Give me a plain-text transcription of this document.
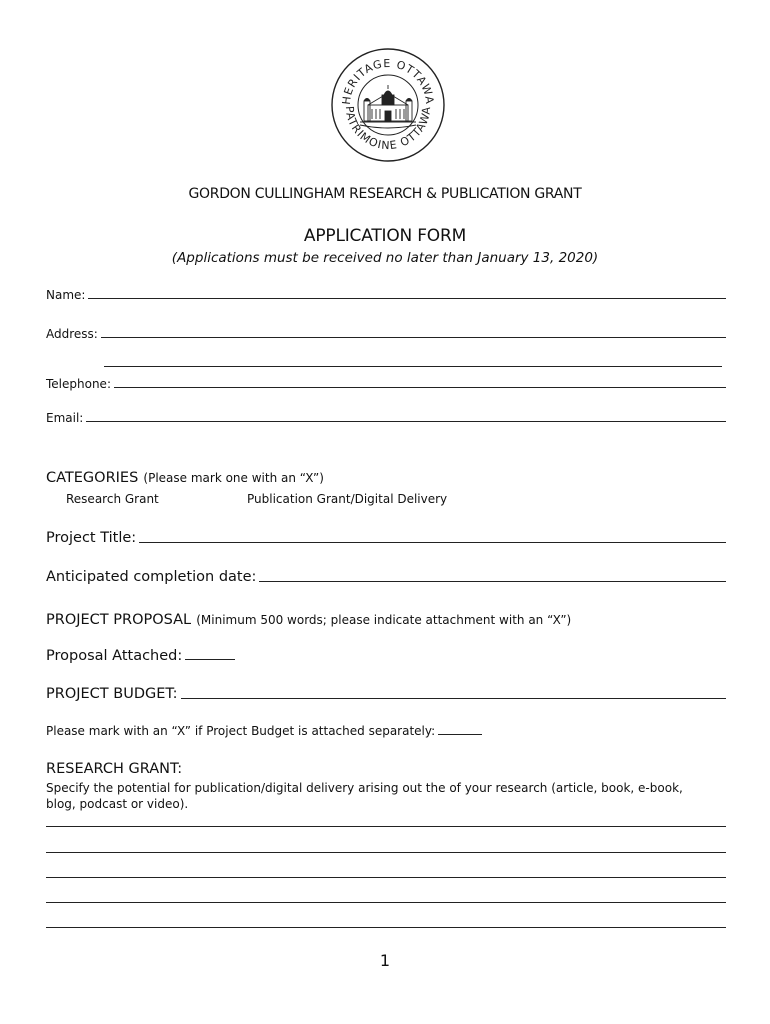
HERITAGE OTTAWA
PATRIMOINE OTTAWA
GORDON CULLINGHAM RESEARCH & PUBLICATION GRANT
APPLICATION FORM
(Applications must be received no later than January 13, 2020)
Name:
Address:
Telephone:
Email:
CATEGORIES (Please mark one with an “X”)
Research Grant	Publication Grant/Digital Delivery
Project Title:
Anticipated completion date:
PROJECT PROPOSAL (Minimum 500 words; please indicate attachment with an “X”)
Proposal Attached:
PROJECT BUDGET:
Please mark with an “X” if Project Budget is attached separately:
RESEARCH GRANT:
Specify the potential for publication/digital delivery arising out the of your research (article, book, e-book, blog, podcast or video).
1
